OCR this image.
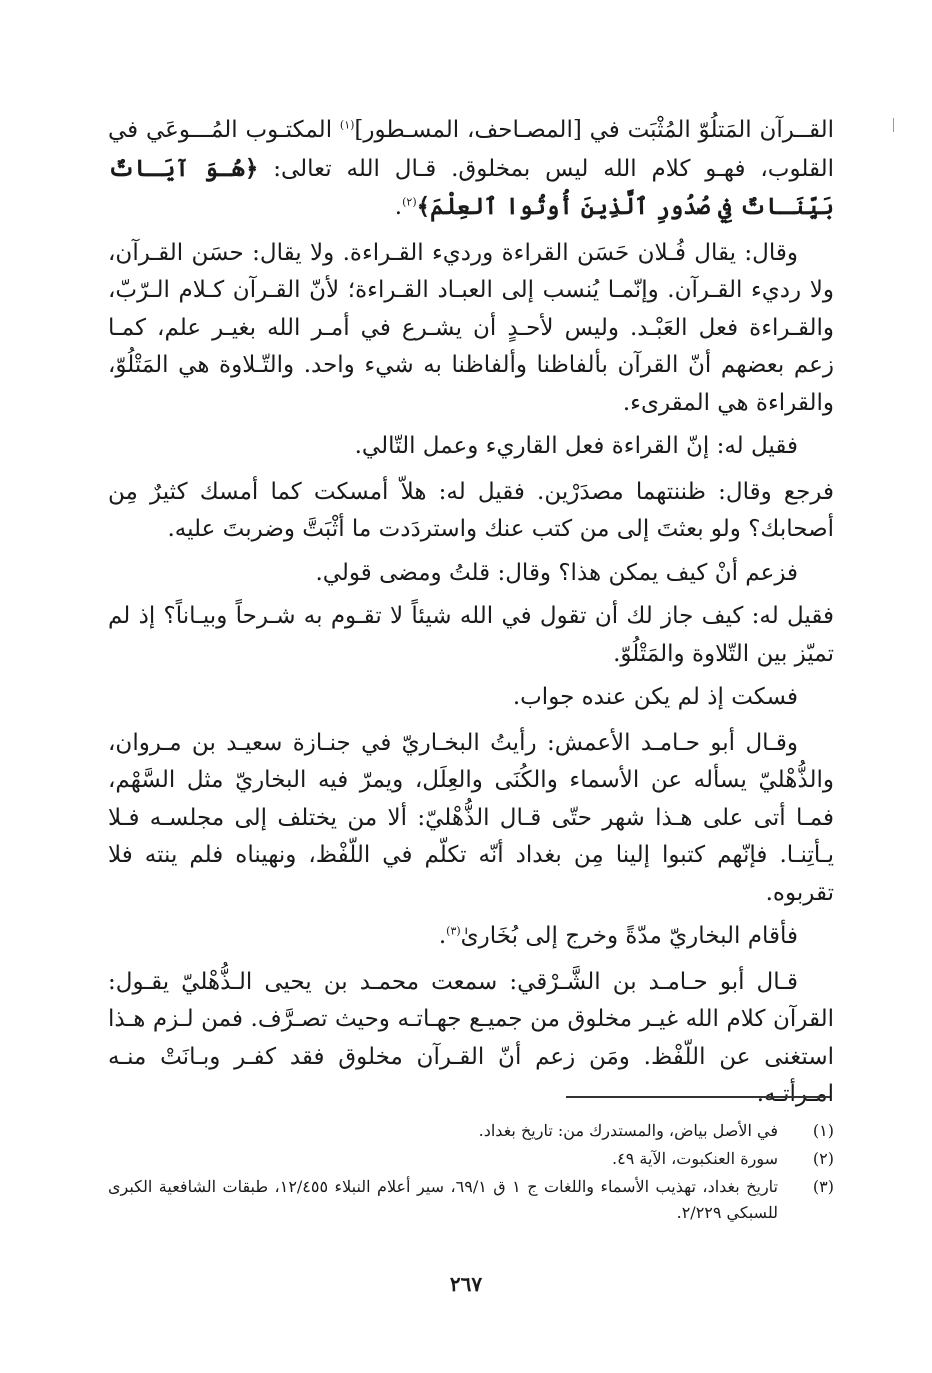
القــرآن المَتلُوّ المُثْبَت في [المصـاحف، المسـطور]$^{(١)}$ المكتـوب المُـــوعَي في القلوب، فهـو كلام الله ليس بمخلوق. قـال الله تعالى: ﴿هُـوَ آيَـاتٌ بَيِّنَـاتٌ فِي صُدُورِ ٱلَّذِينَ أُوتُوا ٱلعِلْمَ﴾$^{(٢)}$.

وقال: يقال فُـلان حَسَن القراءة ورديء القـراءة. ولا يقال: حسَن القـرآن، ولا رديء القـرآن. وإنّمـا يُنسب إلى العبـاد القـراءة؛ لأنّ القـرآن كـلام الـرّبّ، والقـراءة فعل العَبْـد. وليس لأحـدٍ أن يشـرع في أمـر الله بغيـر علم، كمـا زعم بعضهم أنّ القرآن بألفاظنا وألفاظنا به شيء واحد. والتّـلاوة هي المَتْلُوّ، والقراءة هي المقرىء.

فقيل له: إنّ القراءة فعل القاريء وعمل التّالي.

فرجع وقال: ظننتهما مصدَرْين. فقيل له: هلاّ أمسكت كما أمسك كثيرٌ مِن أصحابك؟ ولو بعثتَ إلى من كتب عنك واستردَدت ما أثْبَتَّ وضربتَ عليه.

فزعم أنْ كيف يمكن هذا؟ وقال: قلتُ ومضى قولي.

فقيل له: كيف جاز لك أن تقول في الله شيئاً لا تقـوم به شـرحاً وبيـاناً؟ إذ لم تميّز بين التّلاوة والمَتْلُوّ.

فسكت إذ لم يكن عنده جواب.

وقـال أبو حـامـد الأعمش: رأيتُ البخـاريّ في جنـازة سعيـد بن مـروان، والذُّهْليّ يسأله عن الأسماء والكُنَى والعِلَل، ويمرّ فيه البخاريّ مثل السَّهْم، فمـا أتى على هـذا شهر حتّى قـال الذُّهْليّ: ألا من يختلف إلى مجلسـه فـلا يـأتِنـا. فإنّهم كتبوا إلينا مِن بغداد أنّه تكلّم في اللّفْظ، ونهيناه فلم ينته فلا تقربوه.

فأقام البخاريّ مدّةً وخرج إلى بُخَارىٰ$^{(٣)}$.

قـال أبو حـامـد بن الشَّـرْقي: سمعت محمـد بن يحيى الـذُّهْليّ يقـول: القرآن كلام الله غيـر مخلوق من جميـع جهـاتـه وحيث تصـرَّف. فمن لـزم هـذا استغنى عن اللّفْظ. ومَن زعم أنّ القـرآن مخلوق فقد كفـر وبـانَتْ منـه امـرأتـه.

(١)
في الأصل بياض، والمستدرك من: تاريخ بغداد.
(٢)
سورة العنكبوت، الآية ٤٩.
(٣)
تاريخ بغداد، تهذيب الأسماء واللغات ج ١ ق ٦٩/١، سير أعلام النبلاء ١٢/٤٥٥، طبقات الشافعية الكبرى للسبكي ٢/٢٢٩.
٢٦٧
